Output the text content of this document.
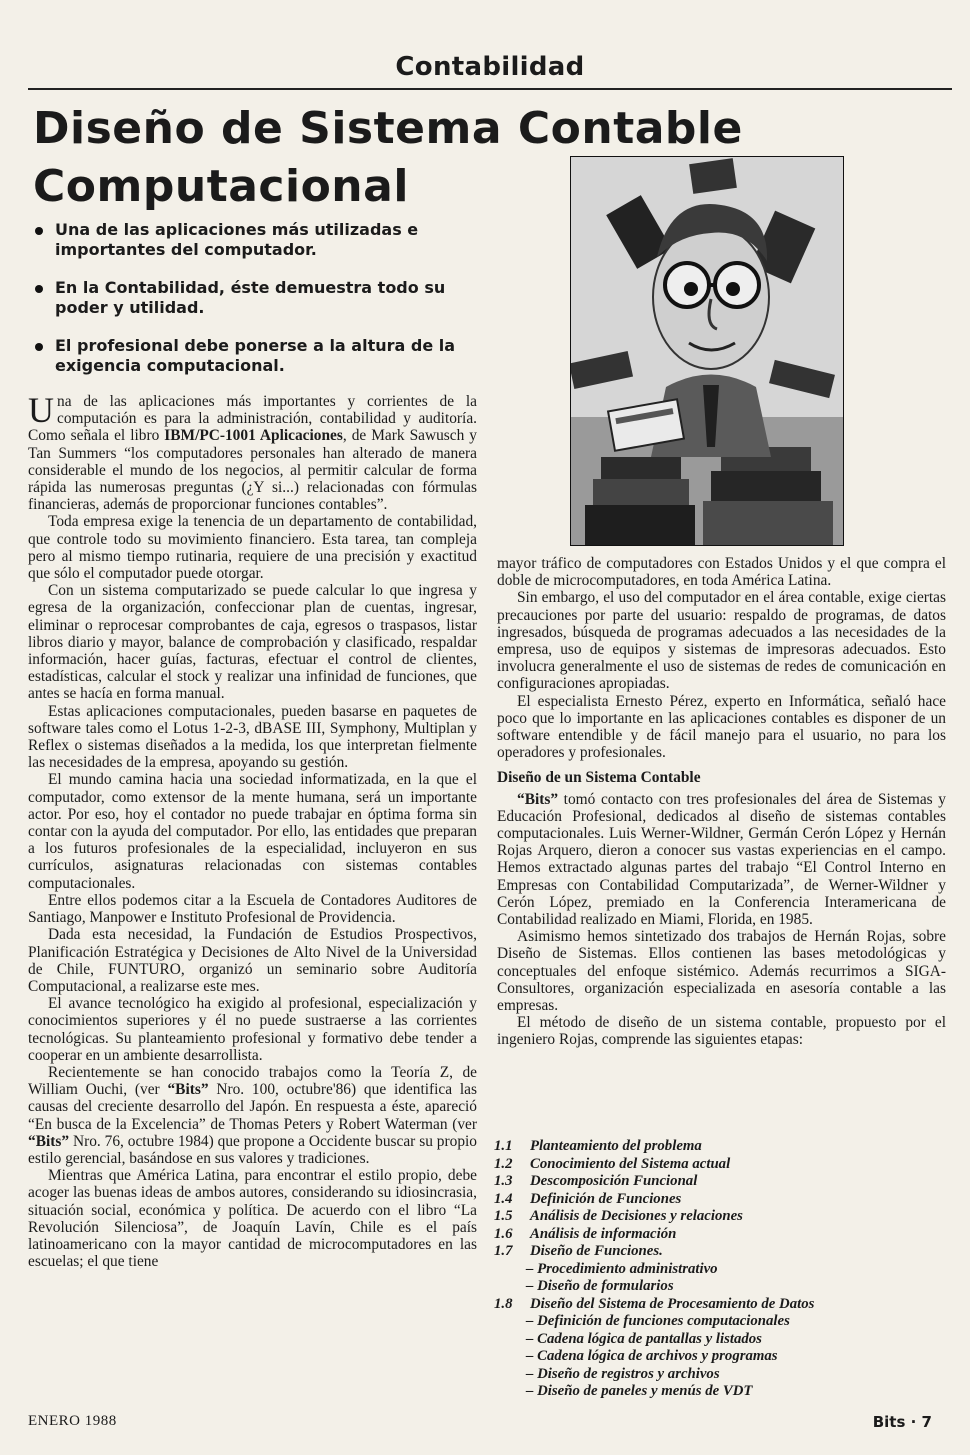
Contabilidad
Diseño de Sistema Contable
Computacional
Una de las aplicaciones más utilizadas e importantes del computador.
En la Contabilidad, éste demuestra todo su poder y utilidad.
El profesional debe ponerse a la altura de la exigencia computacional.

Una de las aplicaciones más importantes y corrientes de la computación es para la administración, contabilidad y auditoría. Como señala el libro IBM/PC-1001 Aplicaciones, de Mark Sawusch y Tan Summers “los computadores personales han alterado de manera considerable el mundo de los negocios, al permitir calcular de forma rápida las numerosas preguntas (¿Y si...) relacionadas con fórmulas financieras, además de proporcionar funciones contables”.

Toda empresa exige la tenencia de un departamento de contabilidad, que controle todo su movimiento financiero. Esta tarea, tan compleja pero al mismo tiempo rutinaria, requiere de una precisión y exactitud que sólo el computador puede otorgar.

Con un sistema computarizado se puede calcular lo que ingresa y egresa de la organización, confeccionar plan de cuentas, ingresar, eliminar o reprocesar comprobantes de caja, egresos o traspasos, listar libros diario y mayor, balance de comprobación y clasificado, respaldar información, hacer guías, facturas, efectuar el control de clientes, estadísticas, calcular el stock y realizar una infinidad de funciones, que antes se hacía en forma manual.

Estas aplicaciones computacionales, pueden basarse en paquetes de software tales como el Lotus 1-2-3, dBASE III, Symphony, Multiplan y Reflex o sistemas diseñados a la medida, los que interpretan fielmente las necesidades de la empresa, apoyando su gestión.

El mundo camina hacia una sociedad informatizada, en la que el computador, como extensor de la mente humana, será un importante actor. Por eso, hoy el contador no puede trabajar en óptima forma sin contar con la ayuda del computador. Por ello, las entidades que preparan a los futuros profesionales de la especialidad, incluyeron en sus currículos, asignaturas relacionadas con sistemas contables computacionales.

Entre ellos podemos citar a la Escuela de Contadores Auditores de Santiago, Manpower e Instituto Profesional de Providencia.

Dada esta necesidad, la Fundación de Estudios Prospectivos, Planificación Estratégica y Decisiones de Alto Nivel de la Universidad de Chile, FUNTURO, organizó un seminario sobre Auditoría Computacional, a realizarse este mes.

El avance tecnológico ha exigido al profesional, especialización y conocimientos superiores y él no puede sustraerse a las corrientes tecnológicas. Su planteamiento profesional y formativo debe tender a cooperar en un ambiente desarrollista.

Recientemente se han conocido trabajos como la Teoría Z, de William Ouchi, (ver “Bits” Nro. 100, octubre'86) que identifica las causas del creciente desarrollo del Japón. En respuesta a éste, apareció “En busca de la Excelencia” de Thomas Peters y Robert Waterman (ver “Bits” Nro. 76, octubre 1984) que propone a Occidente buscar su propio estilo gerencial, basándose en sus valores y tradiciones.

Mientras que América Latina, para encontrar el estilo propio, debe acoger las buenas ideas de ambos autores, considerando su idiosincrasia, situación social, económica y política. De acuerdo con el libro “La Revolución Silenciosa”, de Joaquín Lavín, Chile es el país latinoamericano con la mayor cantidad de microcomputadores en las escuelas; el que tiene

mayor tráfico de computadores con Estados Unidos y el que compra el doble de microcomputadores, en toda América Latina.

Sin embargo, el uso del computador en el área contable, exige ciertas precauciones por parte del usuario: respaldo de programas, de datos ingresados, búsqueda de programas adecuados a las necesidades de la empresa, uso de equipos y sistemas de impresoras adecuados. Esto involucra generalmente el uso de sistemas de redes de comunicación en configuraciones apropiadas.

El especialista Ernesto Pérez, experto en Informática, señaló hace poco que lo importante en las aplicaciones contables es disponer de un software entendible y de fácil manejo para el usuario, no para los operadores y profesionales.

Diseño de un Sistema Contable

“Bits” tomó contacto con tres profesionales del área de Sistemas y Educación Profesional, dedicados al diseño de sistemas contables computacionales. Luis Werner-Wildner, Germán Cerón López y Hernán Rojas Arquero, dieron a conocer sus vastas experiencias en el campo. Hemos extractado algunas partes del trabajo “El Control Interno en Empresas con Contabilidad Computarizada”, de Werner-Wildner y Cerón López, premiado en la Conferencia Interamericana de Contabilidad realizado en Miami, Florida, en 1985.

Asimismo hemos sintetizado dos trabajos de Hernán Rojas, sobre Diseño de Sistemas. Ellos contienen las bases metodológicas y conceptuales del enfoque sistémico. Además recurrimos a SIGA-Consultores, organización especializada en asesoría contable a las empresas.

El método de diseño de un sistema contable, propuesto por el ingeniero Rojas, comprende las siguientes etapas:

1.1 Planteamiento del problema
1.2 Conocimiento del Sistema actual
1.3 Descomposición Funcional
1.4 Definición de Funciones
1.5 Análisis de Decisiones y relaciones
1.6 Análisis de información
1.7 Diseño de Funciones.
– Procedimiento administrativo
– Diseño de formularios
1.8 Diseño del Sistema de Procesamiento de Datos
– Definición de funciones computacionales
– Cadena lógica de pantallas y listados
– Cadena lógica de archivos y programas
– Diseño de registros y archivos
– Diseño de paneles y menús de VDT
ENERO 1988	Bits · 7
